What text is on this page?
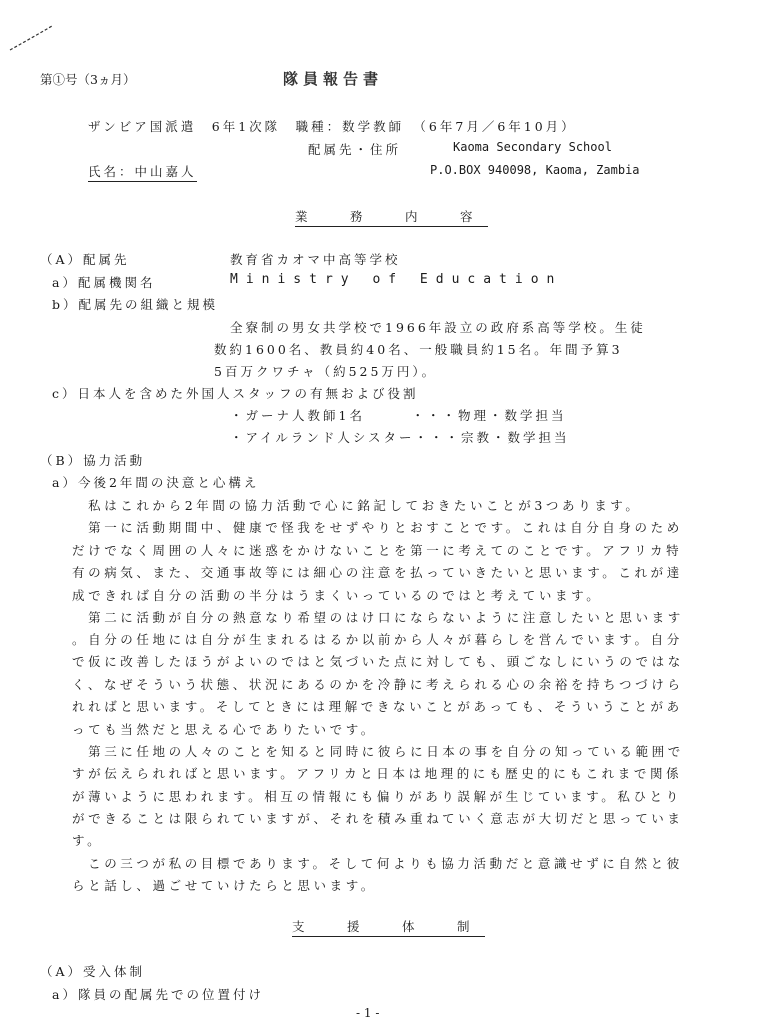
第①号（3ヵ月）	隊員報告書
ザンビア国派遣　6年1次隊　職種：数学教師　（6年7月／6年10月）
配属先・住所	Kaoma Secondary School
氏名：中山嘉人	P.O.BOX 940098, Kaoma, Zambia
業　務　内　容
（A）配属先	教育省カオマ中高等学校
a）配属機関名	Ministry of Education
b）配属先の組織と規模
全寮制の男女共学校で1966年設立の政府系高等学校。生徒
数約1600名、教員約40名、一般職員約15名。年間予算3
5百万クワチャ（約525万円）。
c）日本人を含めた外国人スタッフの有無および役割
・ガーナ人教師1名　　　・・・物理・数学担当
・アイルランド人シスター・・・宗教・数学担当
（B）協力活動
a）今後2年間の決意と心構え
　私はこれから2年間の協力活動で心に銘記しておきたいことが3つあります。
　第一に活動期間中、健康で怪我をせずやりとおすことです。これは自分自身のため
だけでなく周囲の人々に迷惑をかけないことを第一に考えてのことです。アフリカ特
有の病気、また、交通事故等には細心の注意を払っていきたいと思います。これが達
成できれば自分の活動の半分はうまくいっているのではと考えています。
　第二に活動が自分の熱意なり希望のはけ口にならないように注意したいと思います
。自分の任地には自分が生まれるはるか以前から人々が暮らしを営んでいます。自分
で仮に改善したほうがよいのではと気づいた点に対しても、頭ごなしにいうのではな
く、なぜそういう状態、状況にあるのかを冷静に考えられる心の余裕を持ちつづけら
れればと思います。そしてときには理解できないことがあっても、そういうことがあ
っても当然だと思える心でありたいです。
　第三に任地の人々のことを知ると同時に彼らに日本の事を自分の知っている範囲で
すが伝えられればと思います。アフリカと日本は地理的にも歴史的にもこれまで関係
が薄いように思われます。相互の情報にも偏りがあり誤解が生じています。私ひとり
ができることは限られていますが、それを積み重ねていく意志が大切だと思っていま
す。
　この三つが私の目標であります。そして何よりも協力活動だと意識せずに自然と彼
らと話し、過ごせていけたらと思います。
支　援　体　制
（A）受入体制
a）隊員の配属先での位置付け
- 1 -
